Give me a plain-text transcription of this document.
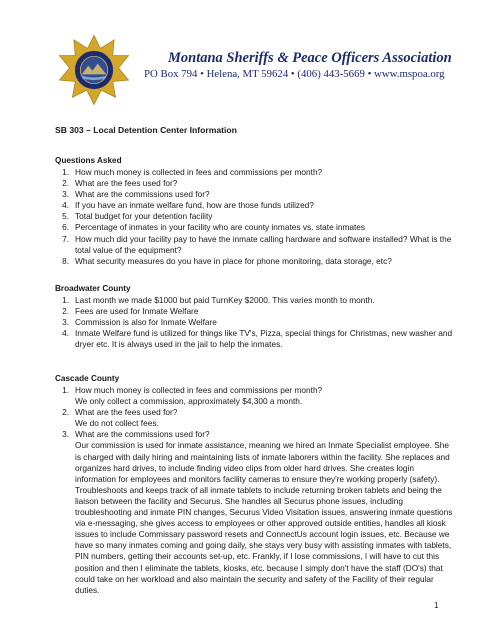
Montana Sheriffs & Peace Officers Association
PO Box 794 • Helena, MT 59624 • (406) 443-5669 • www.mspoa.org
SB 303 – Local Detention Center Information
Questions Asked
1. How much money is collected in fees and commissions per month?
2. What are the fees used for?
3. What are the commissions used for?
4. If you have an inmate welfare fund, how are those funds utilized?
5. Total budget for your detention facility
6. Percentage of inmates in your facility who are county inmates vs. state inmates
7. How much did your facility pay to have the inmate calling hardware and software installed? What is the total value of the equipment?
8. What security measures do you have in place for phone monitoring, data storage, etc?
Broadwater County
1. Last month we made $1000 but paid TurnKey $2000. This varies month to month.
2. Fees are used for Inmate Welfare
3. Commission is also for Inmate Welfare
4. Inmate Welfare fund is utilized for things like TV's, Pizza, special things for Christmas, new washer and dryer etc. It is always used in the jail to help the inmates.
Cascade County
1. How much money is collected in fees and commissions per month?
We only collect a commission, approximately $4,300 a month.
2. What are the fees used for?
We do not collect fees.
3. What are the commissions used for?
Our commission is used for inmate assistance, meaning we hired an Inmate Specialist employee. She is charged with daily hiring and maintaining lists of inmate laborers within the facility. She replaces and organizes hard drives, to include finding video clips from older hard drives. She creates login information for employees and monitors facility cameras to ensure they're working properly (safety). Troubleshoots and keeps track of all inmate tablets to include returning broken tablets and being the liaison between the facility and Securus. She handles all Securus phone issues, including troubleshooting and inmate PIN changes, Securus Video Visitation issues, answering inmate questions via e-messaging, she gives access to employees or other approved outside entities, handles all kiosk issues to include Commissary password resets and ConnectUs account login issues, etc. Because we have so many inmates coming and going daily, she stays very busy with assisting inmates with tablets, PIN numbers, getting their accounts set-up, etc. Frankly, if I lose commissions, I will have to cut this position and then I eliminate the tablets, kiosks, etc. because I simply don't have the staff (DO's) that could take on her workload and also maintain the security and safety of the Facility of their regular duties.
1
